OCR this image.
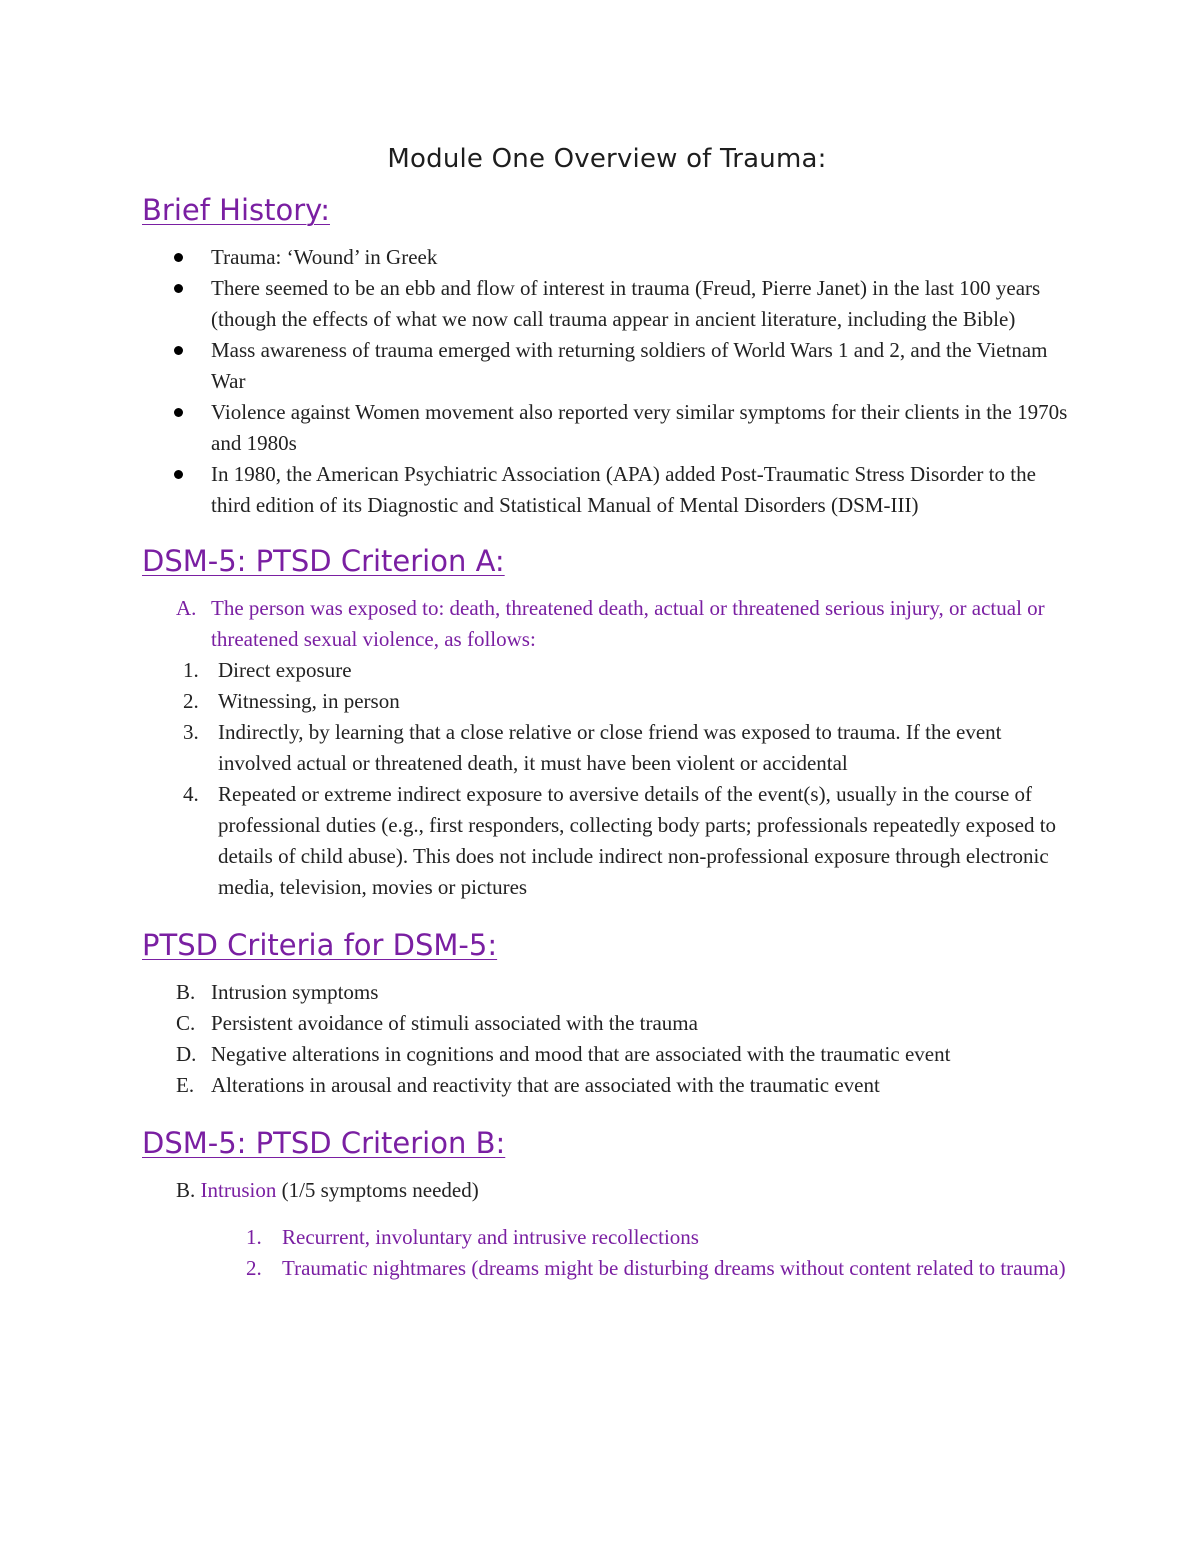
Module One Overview of Trauma:
Brief History:
Trauma: ‘Wound’ in Greek
There seemed to be an ebb and flow of interest in trauma (Freud, Pierre Janet) in the last 100 years (though the effects of what we now call trauma appear in ancient literature, including the Bible)
Mass awareness of trauma emerged with returning soldiers of World Wars 1 and 2, and the Vietnam War
Violence against Women movement also reported very similar symptoms for their clients in the 1970s and 1980s
In 1980, the American Psychiatric Association (APA) added Post-Traumatic Stress Disorder to the third edition of its Diagnostic and Statistical Manual of Mental Disorders (DSM-III)
DSM-5: PTSD Criterion A:
A. The person was exposed to: death, threatened death, actual or threatened serious injury, or actual or threatened sexual violence, as follows:
1. Direct exposure
2. Witnessing, in person
3. Indirectly, by learning that a close relative or close friend was exposed to trauma. If the event involved actual or threatened death, it must have been violent or accidental
4. Repeated or extreme indirect exposure to aversive details of the event(s), usually in the course of professional duties (e.g., first responders, collecting body parts; professionals repeatedly exposed to details of child abuse). This does not include indirect non-professional exposure through electronic media, television, movies or pictures
PTSD Criteria for DSM-5:
B. Intrusion symptoms
C. Persistent avoidance of stimuli associated with the trauma
D. Negative alterations in cognitions and mood that are associated with the traumatic event
E. Alterations in arousal and reactivity that are associated with the traumatic event
DSM-5: PTSD Criterion B:
B. Intrusion (1/5 symptoms needed)
1. Recurrent, involuntary and intrusive recollections
2. Traumatic nightmares (dreams might be disturbing dreams without content related to trauma)
